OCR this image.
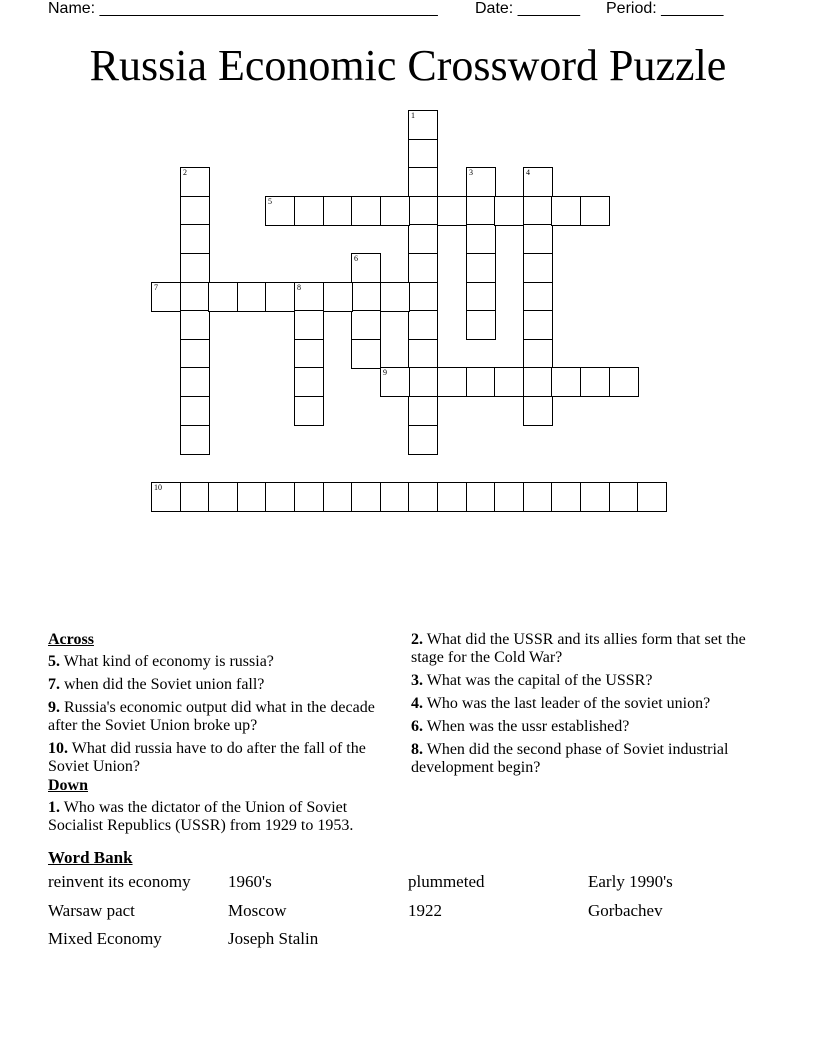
Name: ______________________________________ Date: _______ Period: _______
Russia Economic Crossword Puzzle
1
2	3	4
5
6
7	8
9
10
Across
5. What kind of economy is russia?
7. when did the Soviet union fall?
9. Russia's economic output did what in the decade after the Soviet Union broke up?
10. What did russia have to do after the fall of the Soviet Union?
Down
1. Who was the dictator of the Union of Soviet Socialist Republics (USSR) from 1929 to 1953.
2. What did the USSR and its allies form that set the stage for the Cold War?
3. What was the capital of the USSR?
4. Who was the last leader of the soviet union?
6. When was the ussr established?
8. When did the second phase of Soviet industrial development begin?
Word Bank
reinvent its economy	1960's	plummeted	Early 1990's
Warsaw pact	Moscow	1922	Gorbachev
Mixed Economy	Joseph Stalin
